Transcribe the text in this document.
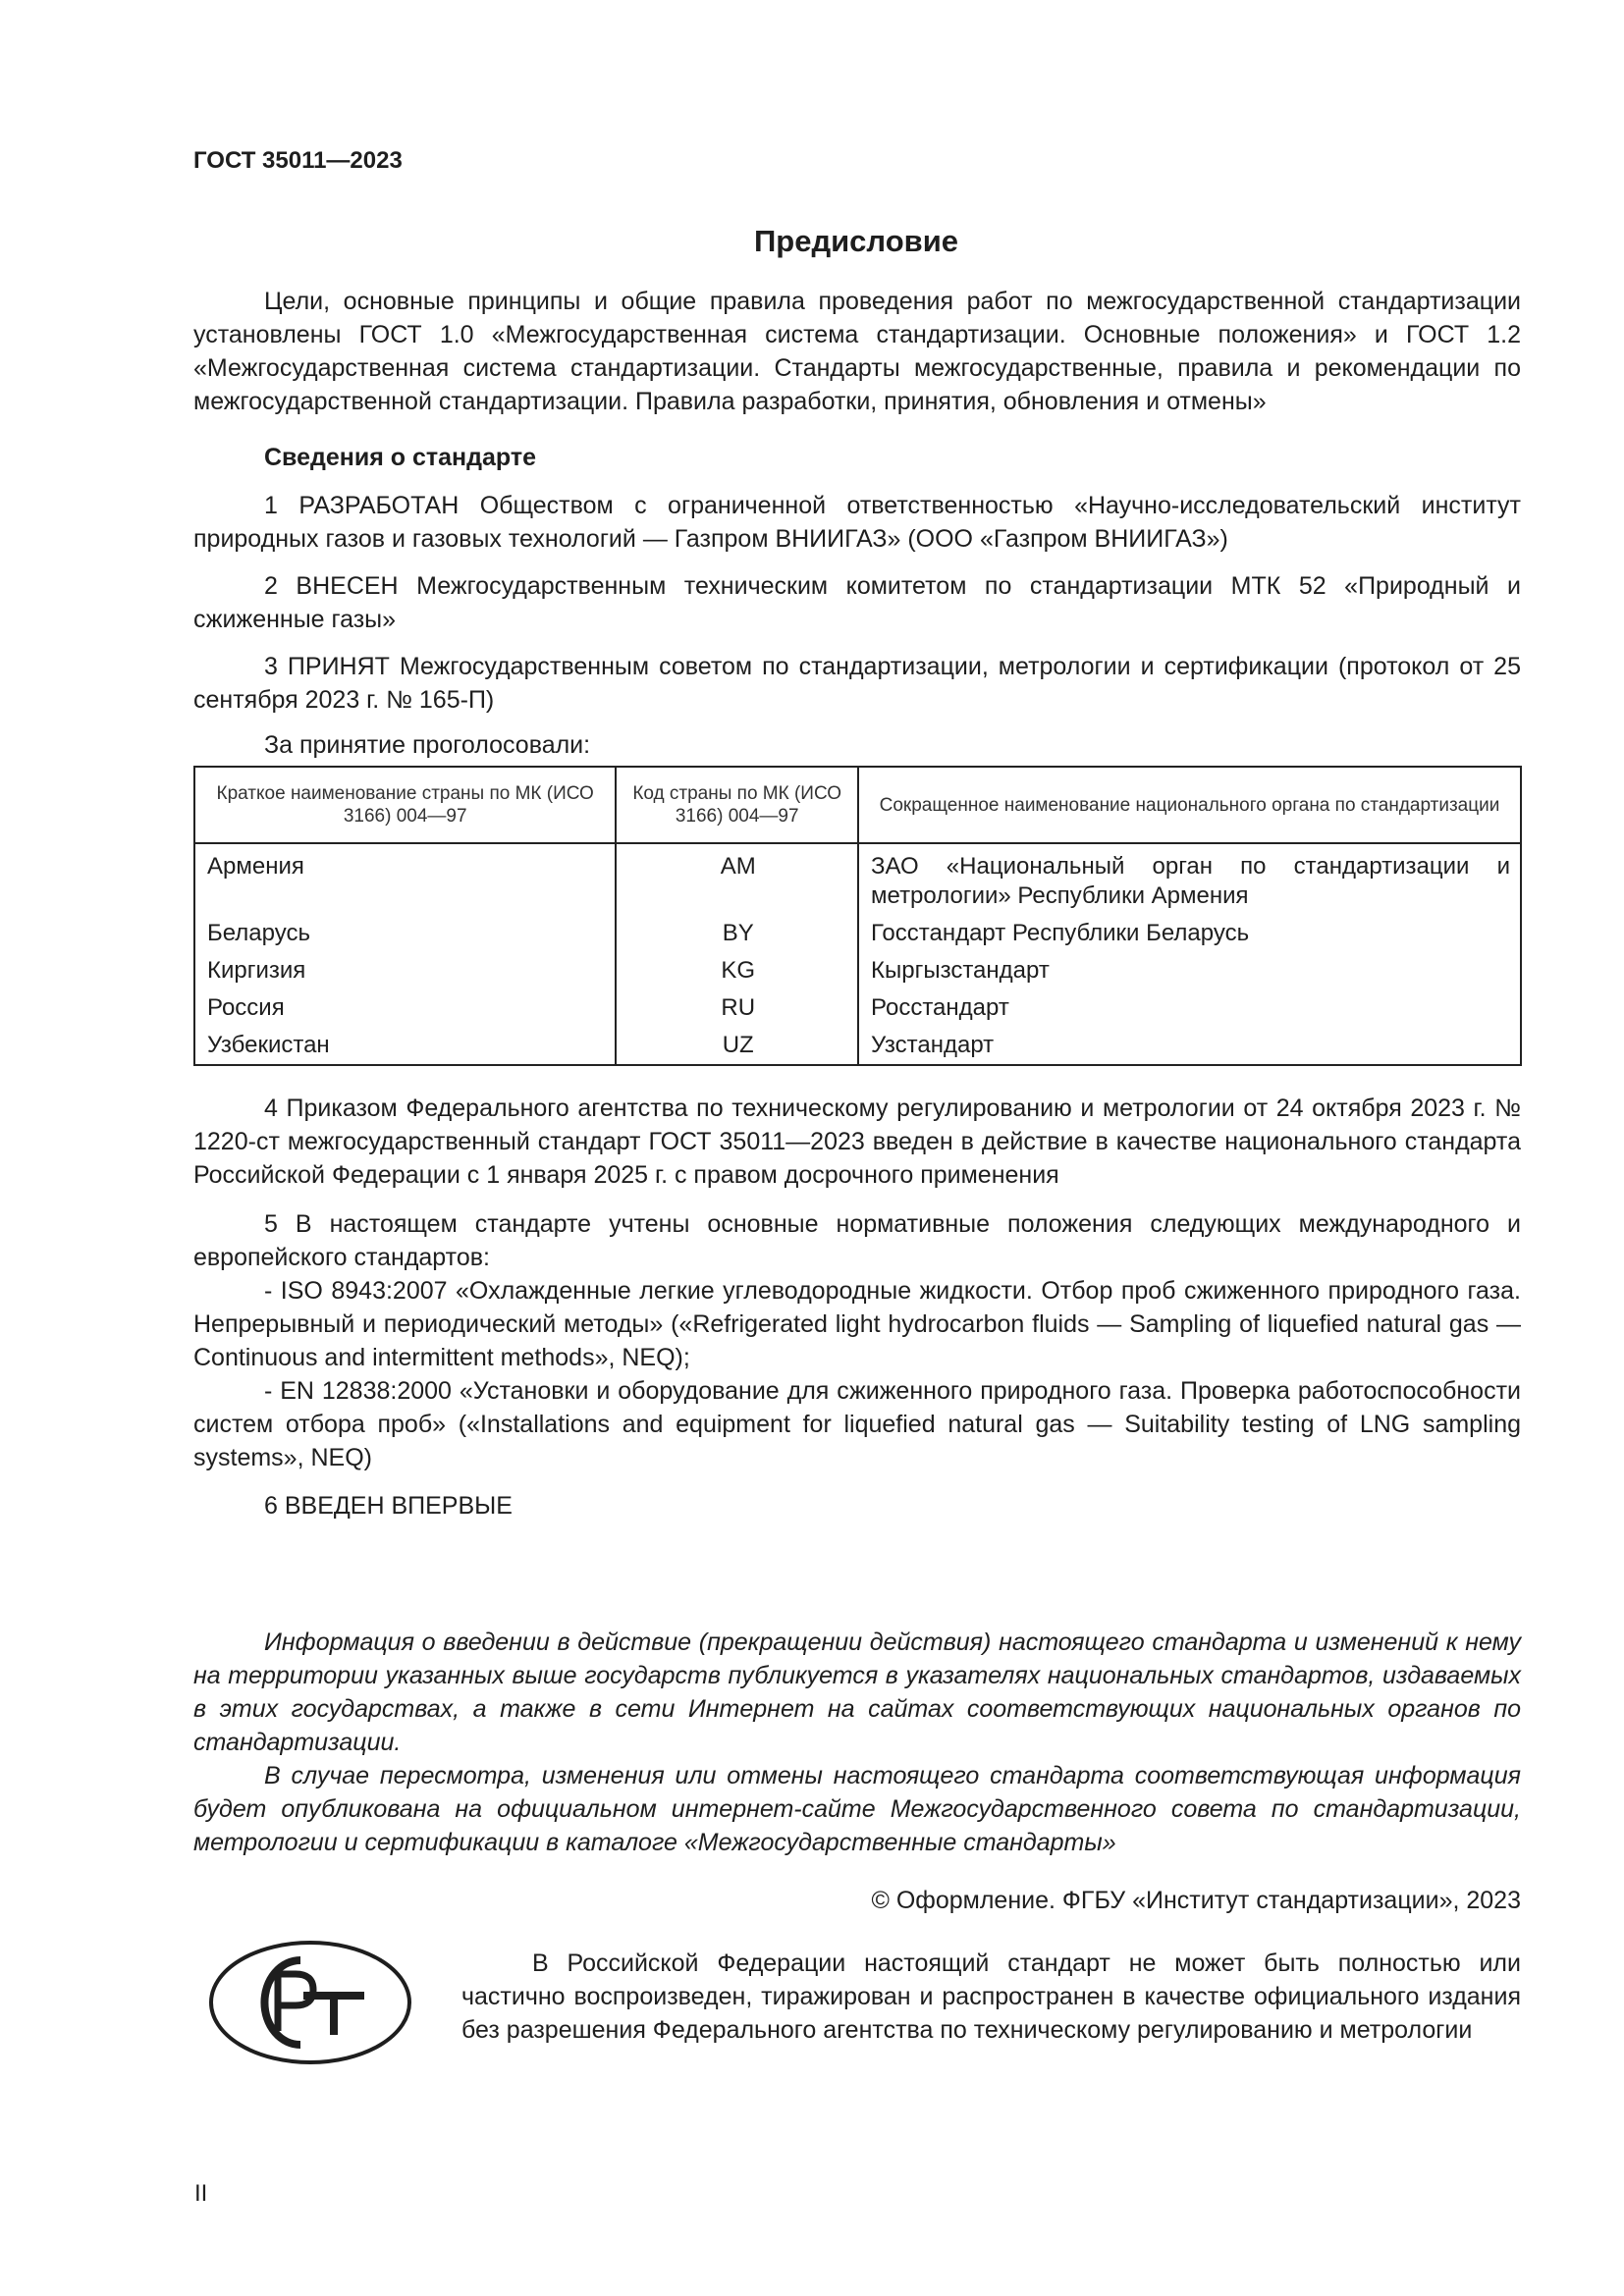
ГОСТ 35011—2023
Предисловие

Цели, основные принципы и общие правила проведения работ по межгосударственной стандартизации установлены ГОСТ 1.0 «Межгосударственная система стандартизации. Основные положения» и ГОСТ 1.2 «Межгосударственная система стандартизации. Стандарты межгосударственные, правила и рекомендации по межгосударственной стандартизации. Правила разработки, принятия, обновления и отмены»

Сведения о стандарте

1 РАЗРАБОТАН Обществом с ограниченной ответственностью «Научно-исследовательский институт природных газов и газовых технологий — Газпром ВНИИГАЗ» (ООО «Газпром ВНИИГАЗ»)

2 ВНЕСЕН Межгосударственным техническим комитетом по стандартизации МТК 52 «Природный и сжиженные газы»

3 ПРИНЯТ Межгосударственным советом по стандартизации, метрологии и сертификации (протокол от 25 сентября 2023 г. № 165-П)

За принятие проголосовали:
Краткое наименование страны по МК (ИСО 3166) 004—97	Код страны по МК (ИСО 3166) 004—97	Сокращенное наименование национального органа по стандартизации
Армения	AM	ЗАО «Национальный орган по стандартизации и метрологии» Республики Армения
Беларусь	BY	Госстандарт Республики Беларусь
Киргизия	KG	Кыргызстандарт
Россия	RU	Росстандарт
Узбекистан	UZ	Узстандарт

4 Приказом Федерального агентства по техническому регулированию и метрологии от 24 октября 2023 г. № 1220-ст межгосударственный стандарт ГОСТ 35011—2023 введен в действие в качестве национального стандарта Российской Федерации с 1 января 2025 г. с правом досрочного применения

5 В настоящем стандарте учтены основные нормативные положения следующих международного и европейского стандартов:

- ISO 8943:2007 «Охлажденные легкие углеводородные жидкости. Отбор проб сжиженного природного газа. Непрерывный и периодический методы» («Refrigerated light hydrocarbon fluids — Sampling of liquefied natural gas — Continuous and intermittent methods», NEQ);

- EN 12838:2000 «Установки и оборудование для сжиженного природного газа. Проверка работоспособности систем отбора проб» («Installations and equipment for liquefied natural gas — Suitability testing of LNG sampling systems», NEQ)

6 ВВЕДЕН ВПЕРВЫЕ

Информация о введении в действие (прекращении действия) настоящего стандарта и изменений к нему на территории указанных выше государств публикуется в указателях национальных стандартов, издаваемых в этих государствах, а также в сети Интернет на сайтах соответствующих национальных органов по стандартизации.

В случае пересмотра, изменения или отмены настоящего стандарта соответствующая информация будет опубликована на официальном интернет-сайте Межгосударственного совета по стандартизации, метрологии и сертификации в каталоге «Межгосударственные стандарты»

© Оформление. ФГБУ «Институт стандартизации», 2023

В Российской Федерации настоящий стандарт не может быть полностью или частично воспроизведен, тиражирован и распространен в качестве официального издания без разрешения Федерального агентства по техническому регулированию и метрологии

II
